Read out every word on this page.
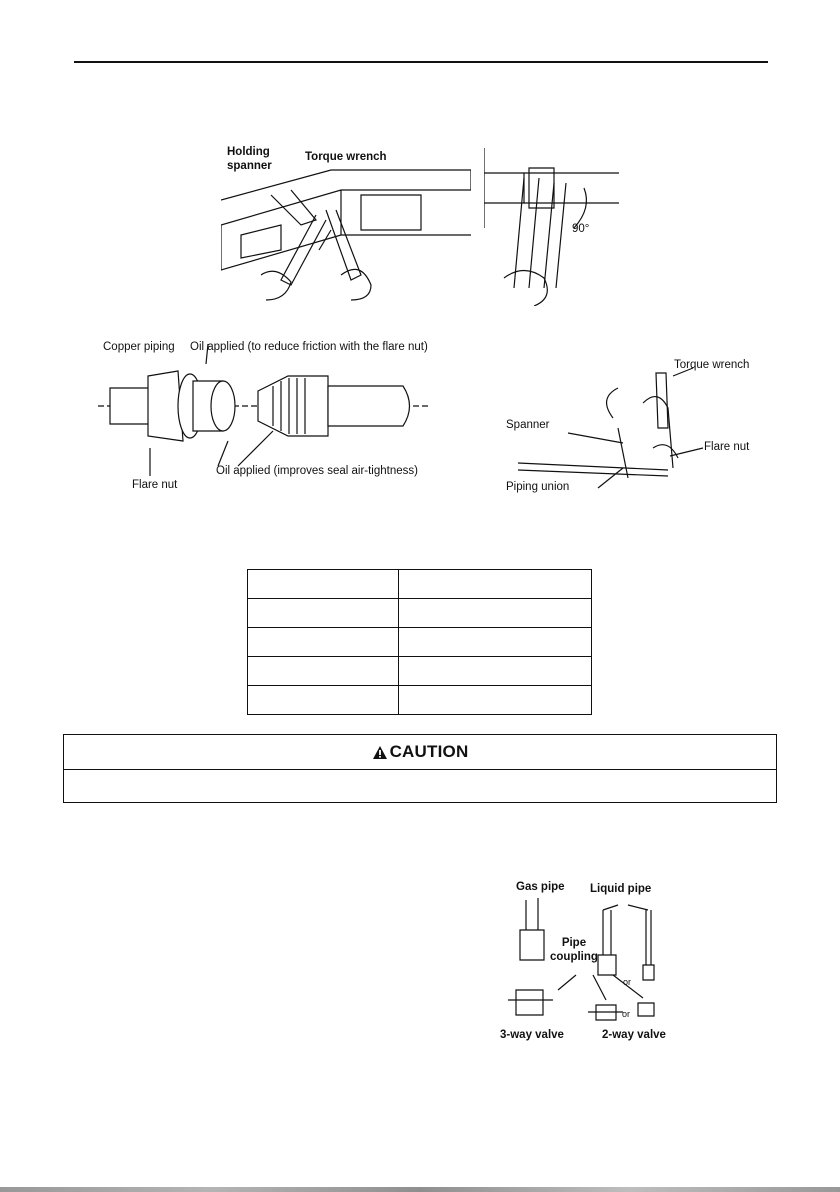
Holding
spanner
Torque wrench
90°
Copper piping Oil applied (to reduce friction with the flare nut)
Oil applied (improves seal air-tightness)
Flare nut
Torque wrench
Spanner
Flare nut
Piping union

CAUTION
Gas pipe Liquid pipe
Pipe
coupling
or
or
3-way valve	2-way valve
